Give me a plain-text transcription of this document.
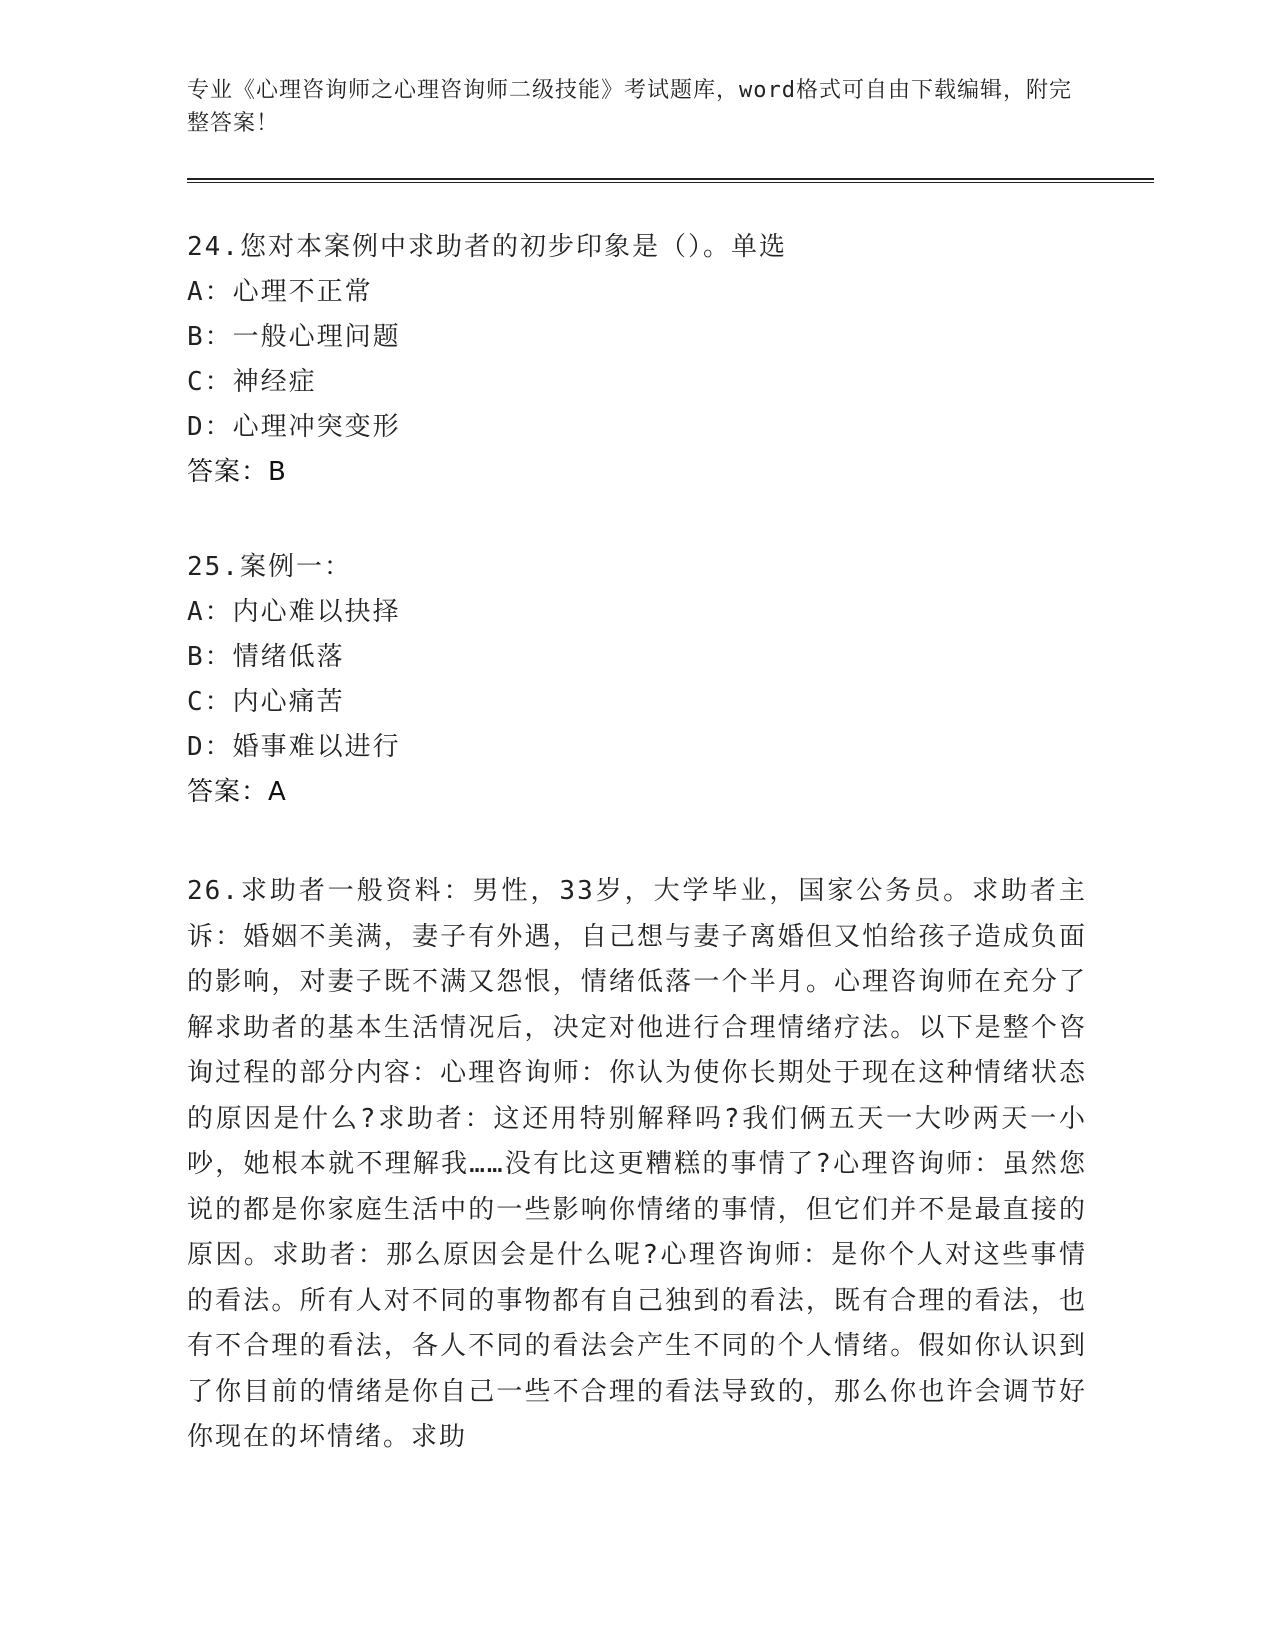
专业《心理咨询师之心理咨询师二级技能》考试题库，word格式可自由下载编辑，附完整答案！
24.您对本案例中求助者的初步印象是（）。单选
A：心理不正常
B：一般心理问题
C：神经症
D：心理冲突变形
答案：B
25.案例一：
A：内心难以抉择
B：情绪低落
C：内心痛苦
D：婚事难以进行
答案：A
26.求助者一般资料：男性，33岁，大学毕业，国家公务员。求助者主诉：婚姻不美满，妻子有外遇，自己想与妻子离婚但又怕给孩子造成负面的影响，对妻子既不满又怨恨，情绪低落一个半月。心理咨询师在充分了解求助者的基本生活情况后，决定对他进行合理情绪疗法。以下是整个咨询过程的部分内容：心理咨询师：你认为使你长期处于现在这种情绪状态的原因是什么?求助者：这还用特别解释吗?我们俩五天一大吵两天一小吵，她根本就不理解我……没有比这更糟糕的事情了?心理咨询师：虽然您说的都是你家庭生活中的一些影响你情绪的事情，但它们并不是最直接的原因。求助者：那么原因会是什么呢?心理咨询师：是你个人对这些事情的看法。所有人对不同的事物都有自己独到的看法，既有合理的看法，也有不合理的看法，各人不同的看法会产生不同的个人情绪。假如你认识到了你目前的情绪是你自己一些不合理的看法导致的，那么你也许会调节好你现在的坏情绪。求助
